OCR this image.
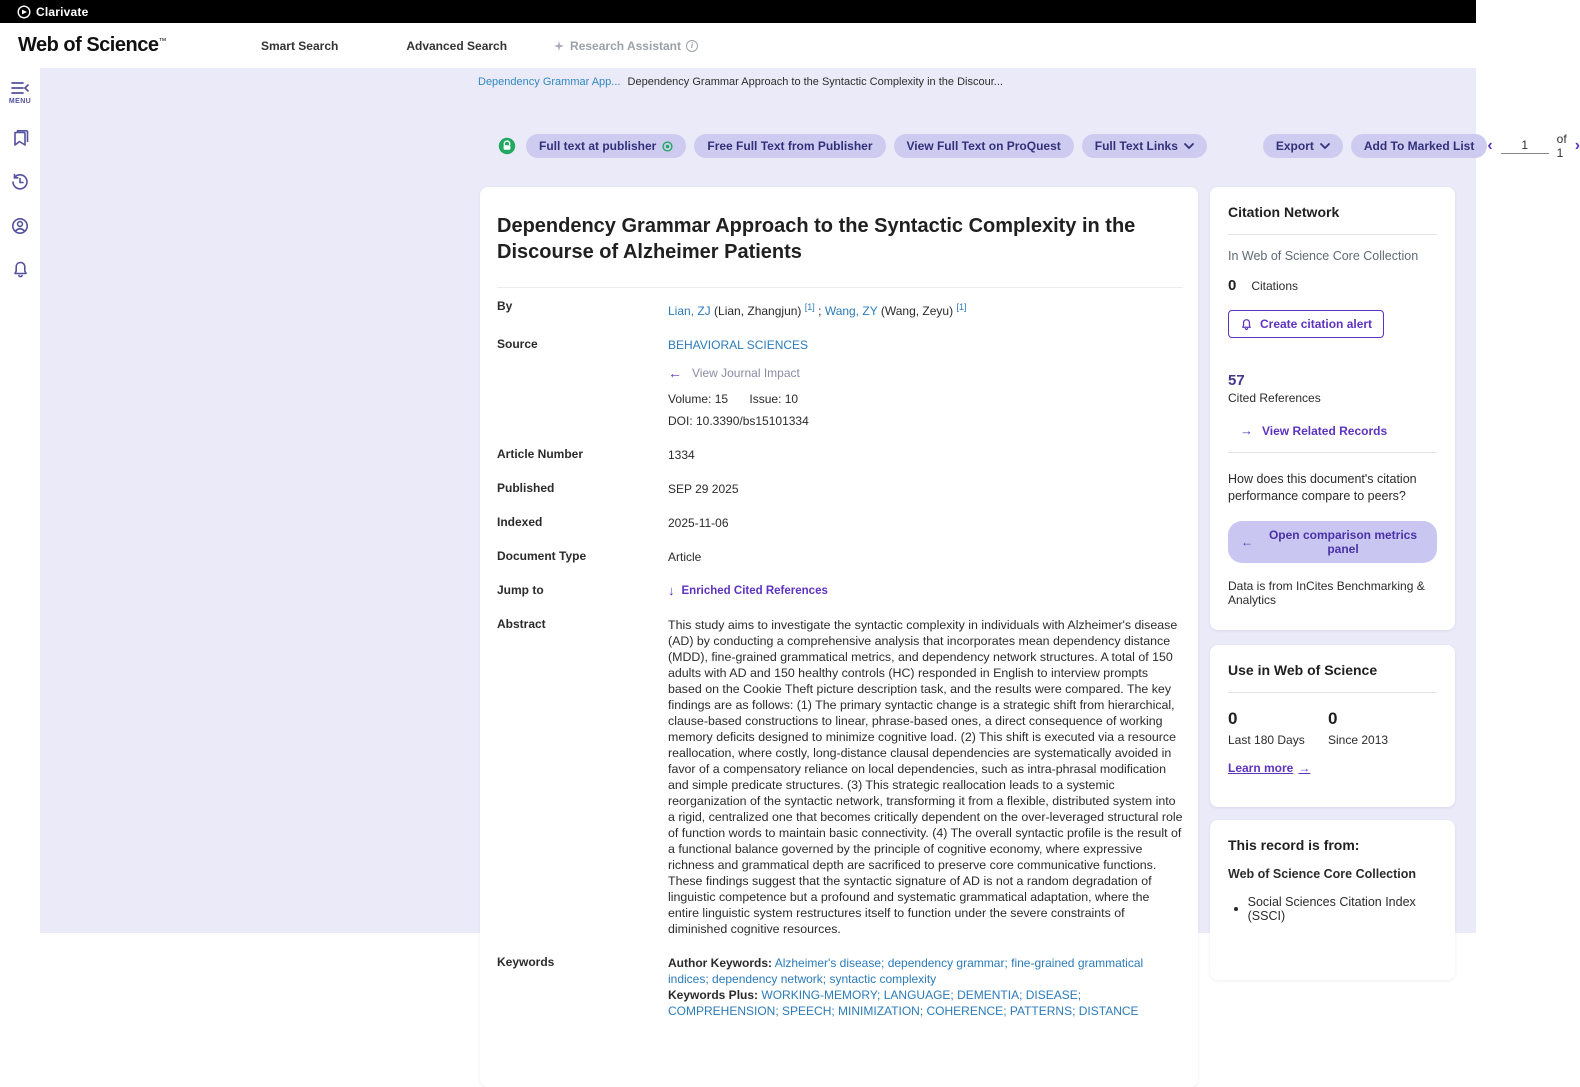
Clarivate
Web of Science™	Smart Search	Advanced Search	Research Assistant
i
MENU
Dependency Grammar App... Dependency Grammar Approach to the Syntactic Complexity in the Discour...
Full text at publisher	Free Full Text from Publisher	View Full Text on ProQuest	Full Text Links	Export	Add To Marked List ‹
1	of 1 ›
Dependency Grammar Approach to the Syntactic Complexity in the Discourse of Alzheimer Patients
By	Lian, ZJ (Lian, Zhangjun) [1] ; Wang, ZY (Wang, Zeyu) [1]
Source	BEHAVIORAL SCIENCES
← View Journal Impact
Volume: 15 Issue: 10
DOI: 10.3390/bs15101334
Article Number	1334
Published	SEP 29 2025
Indexed	2025-11-06
Document Type	Article
Jump to	↓ Enriched Cited References
Abstract	This study aims to investigate the syntactic complexity in individuals with Alzheimer's disease (AD) by conducting a comprehensive analysis that incorporates mean dependency distance (MDD), fine-grained grammatical metrics, and dependency network structures. A total of 150 adults with AD and 150 healthy controls (HC) responded in English to interview prompts based on the Cookie Theft picture description task, and the results were compared. The key findings are as follows: (1) The primary syntactic change is a strategic shift from hierarchical, clause-based constructions to linear, phrase-based ones, a direct consequence of working memory deficits designed to minimize cognitive load. (2) This shift is executed via a resource reallocation, where costly, long-distance clausal dependencies are systematically avoided in favor of a compensatory reliance on local dependencies, such as intra-phrasal modification and simple predicate structures. (3) This strategic reallocation leads to a systemic reorganization of the syntactic network, transforming it from a flexible, distributed system into a rigid, centralized one that becomes critically dependent on the over-leveraged structural role of function words to maintain basic connectivity. (4) The overall syntactic profile is the result of a functional balance governed by the principle of cognitive economy, where expressive richness and grammatical depth are sacrificed to preserve core communicative functions. These findings suggest that the syntactic signature of AD is not a random degradation of linguistic competence but a profound and systematic grammatical adaptation, where the entire linguistic system restructures itself to function under the severe constraints of diminished cognitive resources.
Keywords	Author Keywords: Alzheimer's disease ; dependency grammar ; fine-grained grammatical indices ; dependency network ; syntactic complexity
Keywords Plus: WORKING-MEMORY ; LANGUAGE ; DEMENTIA ; DISEASE ; COMPREHENSION ; SPEECH ; MINIMIZATION ; COHERENCE ; PATTERNS ; DISTANCE
Citation Network
In Web of Science Core Collection
0 Citations
Create citation alert
57
Cited References
→ View Related Records
How does this document's citation performance compare to peers?
←	Open comparison metrics panel
Data is from InCites Benchmarking & Analytics
Use in Web of Science
0
Last 180 Days
0
Since 2013
Learn more →
This record is from:
Web of Science Core Collection
Social Sciences Citation Index (SSCI)
